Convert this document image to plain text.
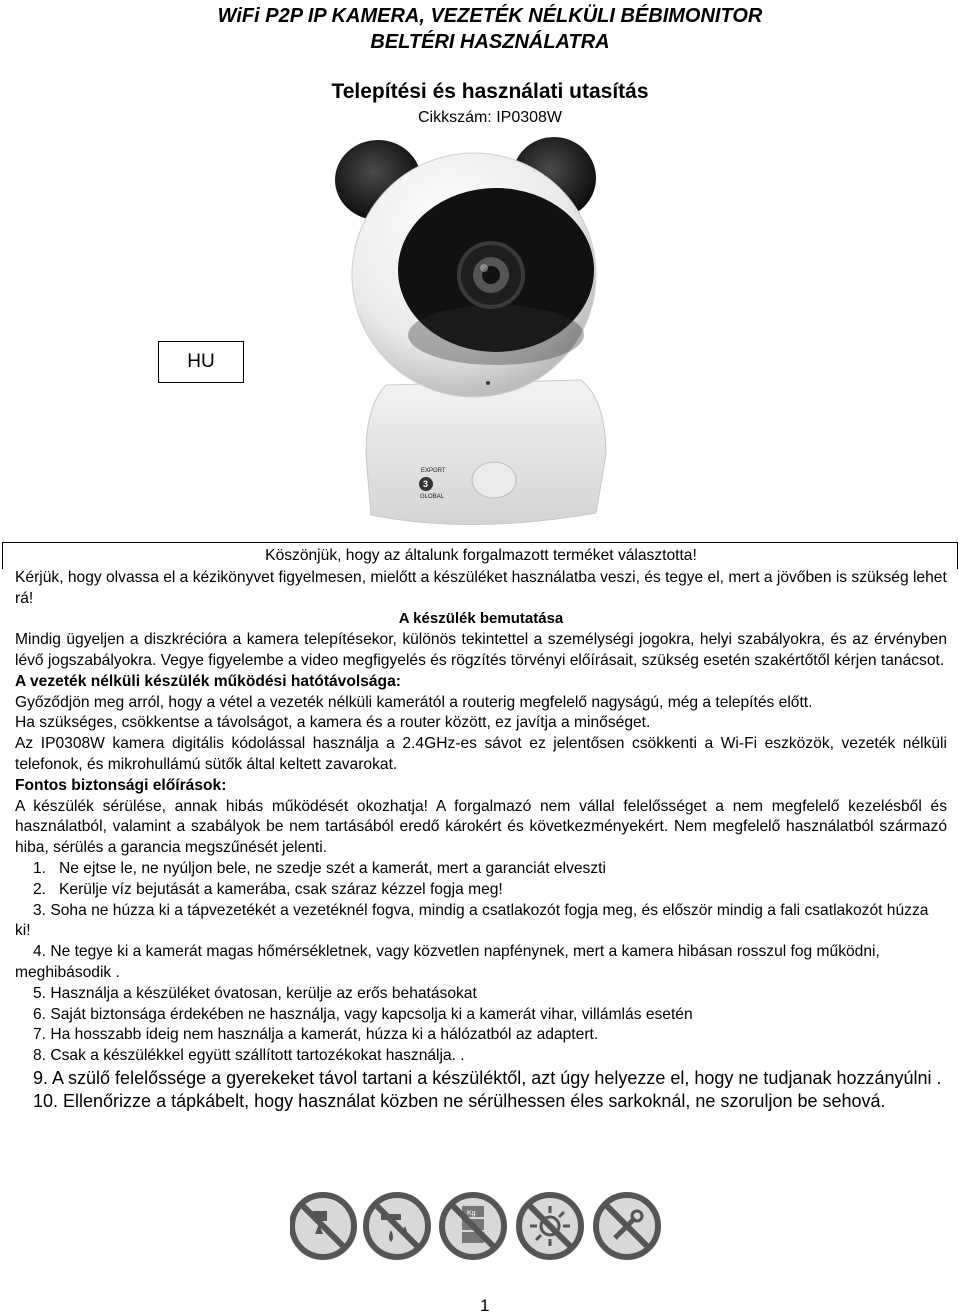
WiFi P2P IP KAMERA, VEZETÉK NÉLKÜLI BÉBIMONITOR
BELTÉRI HASZNÁLATRA
Telepítési és használati utasítás
Cikkszám: IP0308W
HU
EXPORT
3
GLOBAL

Köszönjük, hogy az általunk forgalmazott terméket választotta!

Kérjük, hogy olvassa el a kézikönyvet figyelmesen, mielőtt a készüléket használatba veszi, és tegye el, mert a jövőben is szükség lehet rá!

A készülék bemutatása

Mindig ügyeljen a diszkrécióra a kamera telepítésekor, különös tekintettel a személységi jogokra, helyi szabályokra, és az érvényben lévő jogszabályokra. Vegye figyelembe a video megfigyelés és rögzítés törvényi előírásait, szükség esetén szakértőtől kérjen tanácsot.

A vezeték nélküli készülék működési hatótávolsága:

Győződjön meg arról, hogy a vétel a vezeték nélküli kamerától a routerig megfelelő nagyságú, még a telepítés előtt.

Ha szükséges, csökkentse a távolságot, a kamera és a router között, ez javítja a minőséget.

Az IP0308W kamera digitális kódolással használja a 2.4GHz-es sávot ez jelentősen csökkenti a Wi-Fi eszközök, vezeték nélküli telefonok, és mikrohullámú sütők által keltett zavarokat.

Fontos biztonsági előírások:

A készülék sérülése, annak hibás működését okozhatja! A forgalmazó nem vállal felelősséget a nem megfelelő kezelésből és használatból, valamint a szabályok be nem tartásából eredő károkért és következményekért. Nem megfelelő használatból származó hiba, sérülés a garancia megszűnését jelenti.

1.   Ne ejtse le, ne nyúljon bele, ne szedje szét a kamerát, mert a garanciát elveszti

2.   Kerülje víz bejutását a kamerába, csak száraz kézzel fogja meg!

3. Soha ne húzza ki a tápvezetékét a vezetéknél fogva, mindig a csatlakozót fogja meg, és először mindig a fali csatlakozót húzza ki!

4. Ne tegye ki a kamerát magas hőmérsékletnek, vagy közvetlen napfénynek, mert a kamera hibásan rosszul fog működni, meghibásodik .

5. Használja a készüléket óvatosan, kerülje az erős behatásokat

6. Saját biztonsága érdekében ne használja, vagy kapcsolja ki a kamerát vihar, villámlás esetén

7. Ha hosszabb ideig nem használja a kamerát, húzza ki a hálózatból az adaptert.

8. Csak a készülékkel együtt szállított tartozékokat használja. .

9. A szülő felelőssége a gyerekeket távol tartani a készüléktől, azt úgy helyezze el, hogy ne tudjanak hozzányúlni .

10. Ellenőrizze a tápkábelt, hogy használat közben ne sérülhessen éles sarkoknál, ne szoruljon be sehová.

Kg
1
